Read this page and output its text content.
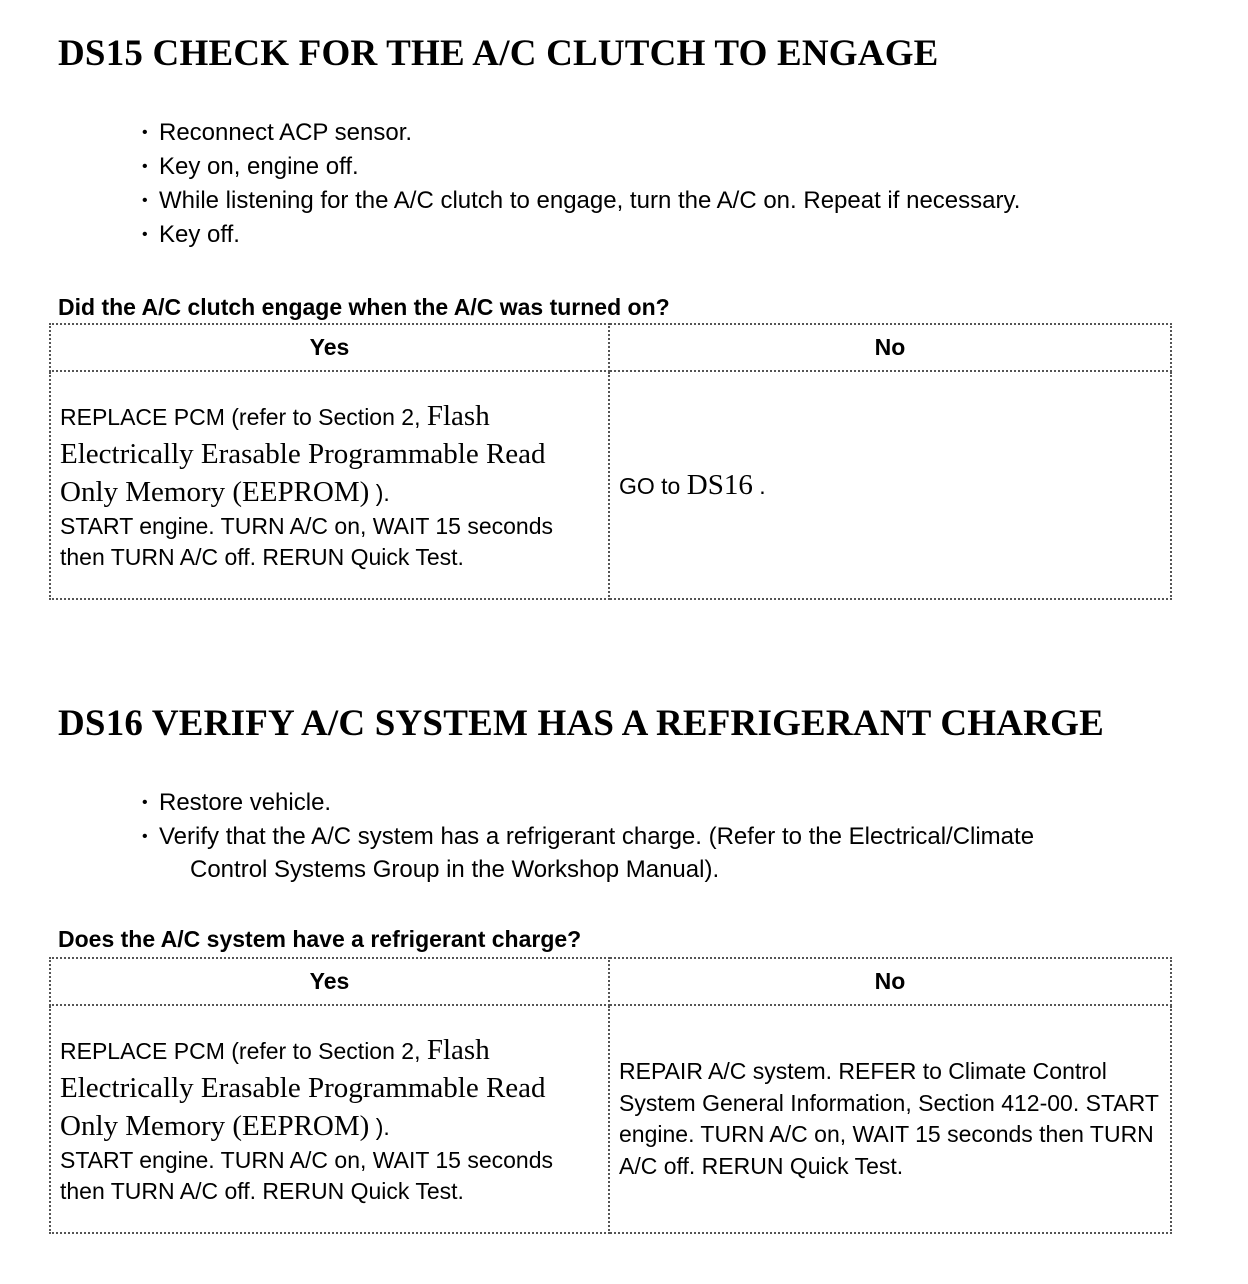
DS15 CHECK FOR THE A/C CLUTCH TO ENGAGE
• Reconnect ACP sensor.
• Key on, engine off.
• While listening for the A/C clutch to engage, turn the A/C on. Repeat if necessary.
• Key off.

Did the A/C clutch engage when the A/C was turned on?

Yes	No
REPLACE PCM (refer to Section 2, Flash Electrically Erasable Programmable Read Only Memory (EEPROM) ).
START engine. TURN A/C on, WAIT 15 seconds then TURN A/C off. RERUN Quick Test.	GO to DS16 .
DS16 VERIFY A/C SYSTEM HAS A REFRIGERANT CHARGE
• Restore vehicle.
• Verify that the A/C system has a refrigerant charge. (Refer to the Electrical/Climate
Control Systems Group in the Workshop Manual).

Does the A/C system have a refrigerant charge?

Yes	No
REPLACE PCM (refer to Section 2, Flash Electrically Erasable Programmable Read Only Memory (EEPROM) ).
START engine. TURN A/C on, WAIT 15 seconds then TURN A/C off. RERUN Quick Test.	REPAIR A/C system. REFER to Climate Control System General Information, Section 412-00. START engine. TURN A/C on, WAIT 15 seconds then TURN A/C off. RERUN Quick Test.
